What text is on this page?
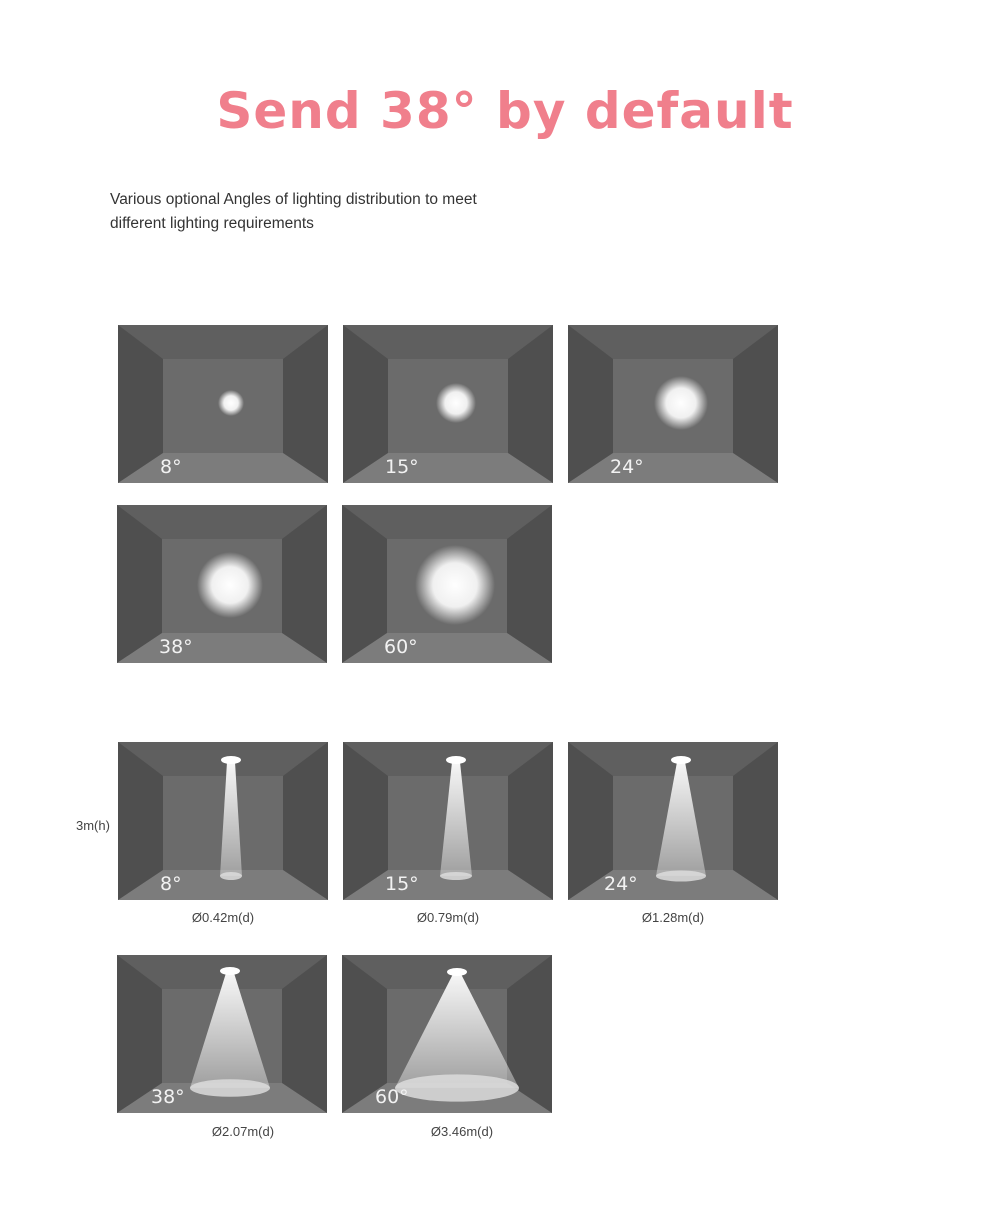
Send 38° by default
Various optional Angles of lighting distribution to meet
different lighting requirements
8°	15°	24°
38°	60°
3m(h)
8°	15°	24°
38°	60°
Ø0.42m(d)	Ø0.79m(d)	Ø1.28m(d)
Ø2.07m(d)	Ø3.46m(d)
